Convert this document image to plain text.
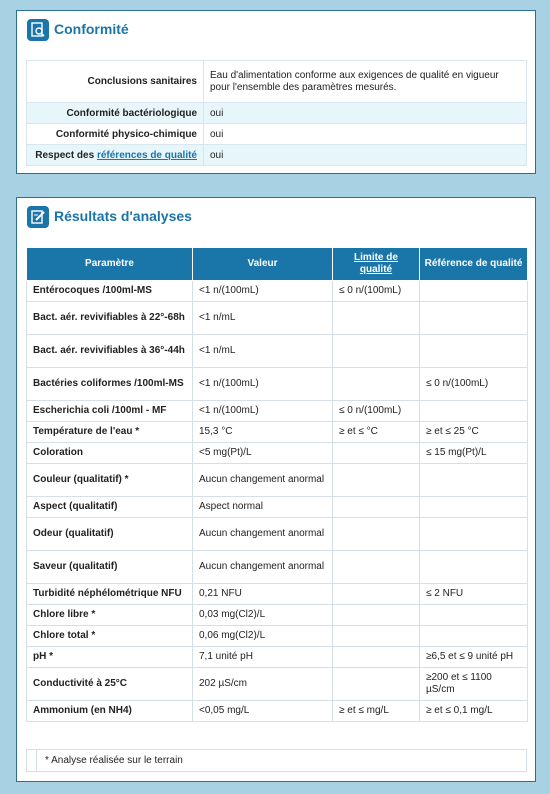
Conformité
Conclusions sanitaires	Eau d'alimentation conforme aux exigences de qualité en vigueur pour l'ensemble des paramètres mesurés.
Conformité bactériologique	oui
Conformité physico-chimique	oui
Respect des références de qualité	oui
Résultats d'analyses
Paramètre	Valeur	Limite de qualité	Référence de qualité
Entérocoques /100ml-MS	<1 n/(100mL)	≤ 0 n/(100mL)	
Bact. aér. revivifiables à 22°-68h	<1 n/mL		
Bact. aér. revivifiables à 36°-44h	<1 n/mL		
Bactéries coliformes /100ml-MS	<1 n/(100mL)		≤ 0 n/(100mL)
Escherichia coli /100ml - MF	<1 n/(100mL)	≤ 0 n/(100mL)	
Température de l'eau *	15,3 °C	≥ et ≤ °C	≥ et ≤ 25 °C
Coloration	<5 mg(Pt)/L		≤ 15 mg(Pt)/L
Couleur (qualitatif) *	Aucun changement anormal		
Aspect (qualitatif)	Aspect normal		
Odeur (qualitatif)	Aucun changement anormal		
Saveur (qualitatif)	Aucun changement anormal		
Turbidité néphélométrique NFU	0,21 NFU		≤ 2 NFU
Chlore libre *	0,03 mg(Cl2)/L		
Chlore total *	0,06 mg(Cl2)/L		
pH *	7,1 unité pH		≥6,5 et ≤ 9 unité pH
Conductivité à 25°C	202 µS/cm		≥200 et ≤ 1100 µS/cm
Ammonium (en NH4)	<0,05 mg/L	≥ et ≤ mg/L	≥ et ≤ 0,1 mg/L
* Analyse réalisée sur le terrain
